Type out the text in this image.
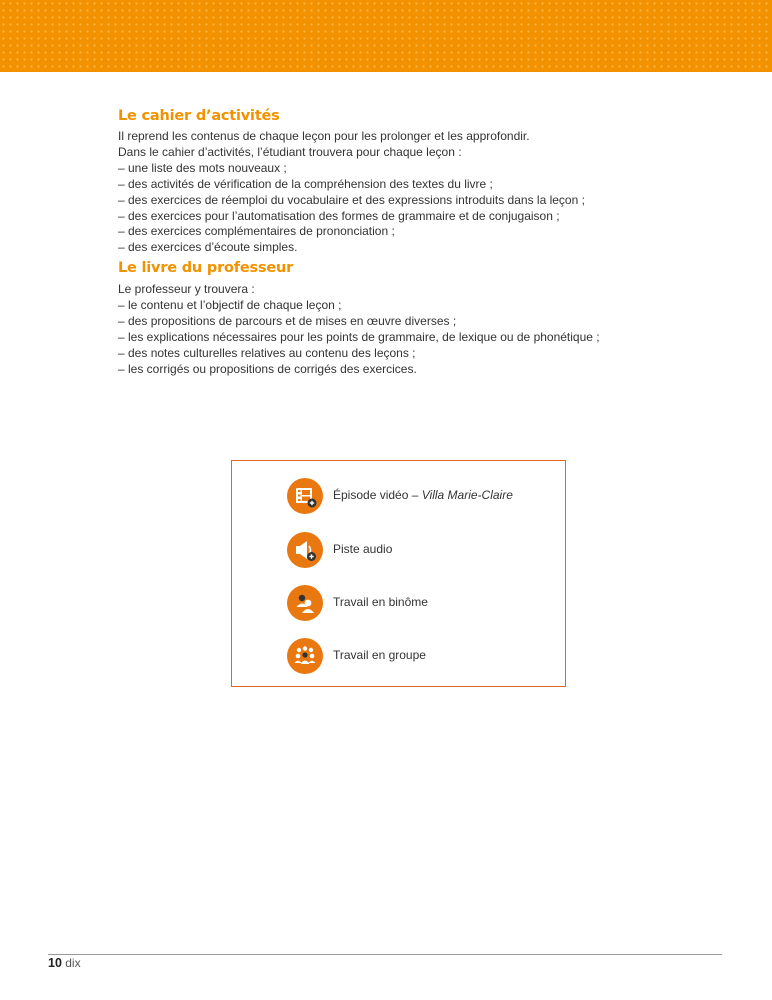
Le cahier d’activités
Il reprend les contenus de chaque leçon pour les prolonger et les approfondir.
Dans le cahier d’activités, l’étudiant trouvera pour chaque leçon :
– une liste des mots nouveaux ;
– des activités de vérification de la compréhension des textes du livre ;
– des exercices de réemploi du vocabulaire et des expressions introduits dans la leçon ;
– des exercices pour l’automatisation des formes de grammaire et de conjugaison ;
– des exercices complémentaires de prononciation ;
– des exercices d’écoute simples.
Le livre du professeur
Le professeur y trouvera :
– le contenu et l’objectif de chaque leçon ;
– des propositions de parcours et de mises en œuvre diverses ;
– les explications nécessaires pour les points de grammaire, de lexique ou de phonétique ;
– des notes culturelles relatives au contenu des leçons ;
– les corrigés ou propositions de corrigés des exercices.
Épisode vidéo – Villa Marie-Claire
Piste audio
Travail en binôme
Travail en groupe
10 dix
